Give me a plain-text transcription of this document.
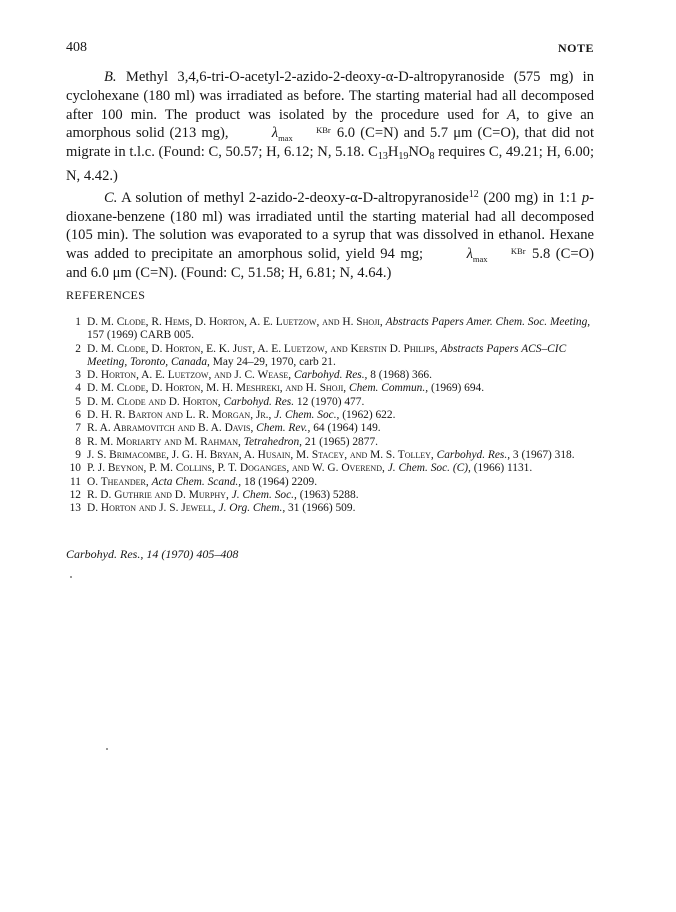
408	NOTE

B. Methyl 3,4,6-tri-O-acetyl-2-azido-2-deoxy-α-D-altropyranoside (575 mg) in cyclohexane (180 ml) was irradiated as before. The starting material had all decomposed after 100 min. The product was isolated by the procedure used for A, to give an amorphous solid (213 mg),	λ	KBr
max	6.0 (C=N) and 5.7 μm (C=O), that did not migrate in t.l.c. (Found: C, 50.57; H, 6.12; N, 5.18. $C_{13}H_{19}NO_8$ requires C, 49.21; H, 6.00; N, 4.42.)

C. A solution of methyl 2-azido-2-deoxy-α-D-altropyranoside$^{12}$ (200 mg) in 1:1 p-dioxane-benzene (180 ml) was irradiated until the starting material had all decomposed (105 min). The solution was evaporated to a syrup that was dissolved in ethanol. Hexane was added to precipitate an amorphous solid, yield 94 mg;	λ	KBr
max	5.8 (C=O) and 6.0 μm (C=N). (Found: C, 51.58; H, 6.81; N, 4.64.)

REFERENCES
1 D. M. Clode, R. Hems, D. Horton, A. E. Luetzow, and H. Shoji, Abstracts Papers Amer. Chem. Soc. Meeting, 157 (1969) CARB 005.
2 D. M. Clode, D. Horton, E. K. Just, A. E. Luetzow, and Kerstin D. Philips, Abstracts Papers ACS–CIC Meeting, Toronto, Canada, May 24–29, 1970, carb 21.
3 D. Horton, A. E. Luetzow, and J. C. Wease, Carbohyd. Res., 8 (1968) 366.
4 D. M. Clode, D. Horton, M. H. Meshreki, and H. Shoji, Chem. Commun., (1969) 694.
5 D. M. Clode and D. Horton, Carbohyd. Res. 12 (1970) 477.
6 D. H. R. Barton and L. R. Morgan, Jr., J. Chem. Soc., (1962) 622.
7 R. A. Abramovitch and B. A. Davis, Chem. Rev., 64 (1964) 149.
8 R. M. Moriarty and M. Rahman, Tetrahedron, 21 (1965) 2877.
9 J. S. Brimacombe, J. G. H. Bryan, A. Husain, M. Stacey, and M. S. Tolley, Carbohyd. Res., 3 (1967) 318.
10 P. J. Beynon, P. M. Collins, P. T. Doganges, and W. G. Overend, J. Chem. Soc. (C), (1966) 1131.
11 O. Theander, Acta Chem. Scand., 18 (1964) 2209.
12 R. D. Guthrie and D. Murphy, J. Chem. Soc., (1963) 5288.
13 D. Horton and J. S. Jewell, J. Org. Chem., 31 (1966) 509.
Carbohyd. Res., 14 (1970) 405–408
